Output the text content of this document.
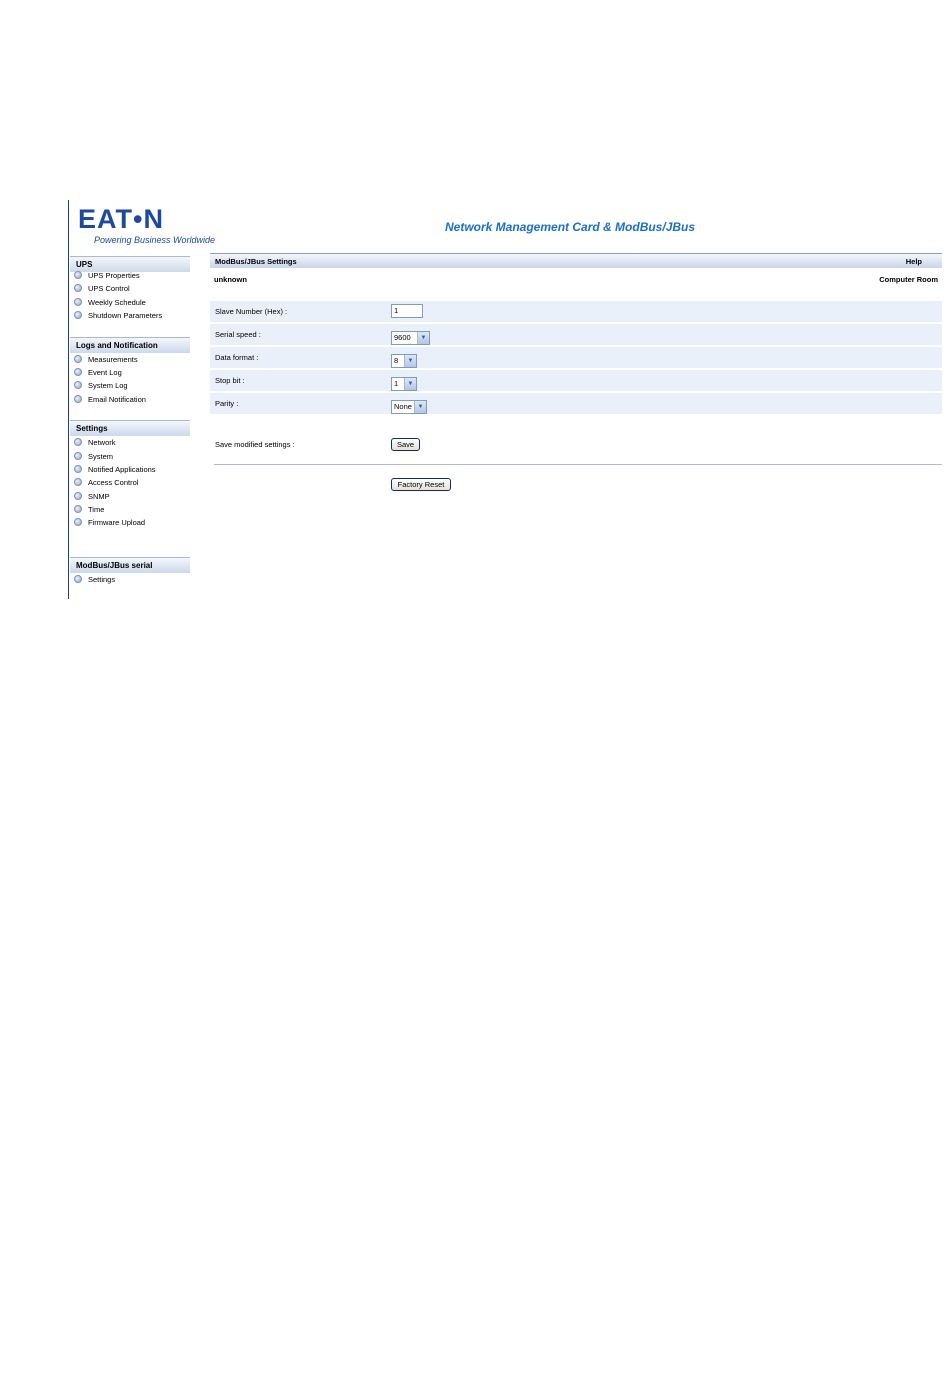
EAT•N
Powering Business Worldwide
UPS
UPS Properties
UPS Control
Weekly Schedule
Shutdown Parameters
Logs and Notification
Measurements
Event Log
System Log
Email Notification
Settings
Network
System
Notified Applications
Access Control
SNMP
Time
Firmware Upload
ModBus/JBus serial
Settings
Network Management Card & ModBus/JBus
ModBus/JBus Settings	Help
unknown	Computer Room
Slave Number (Hex) :	1
Serial speed :	9600	▼
Data format :	8	▼
Stop bit :	1	▼
Parity :	None ▼
Save modified settings :	Save
Factory Reset
